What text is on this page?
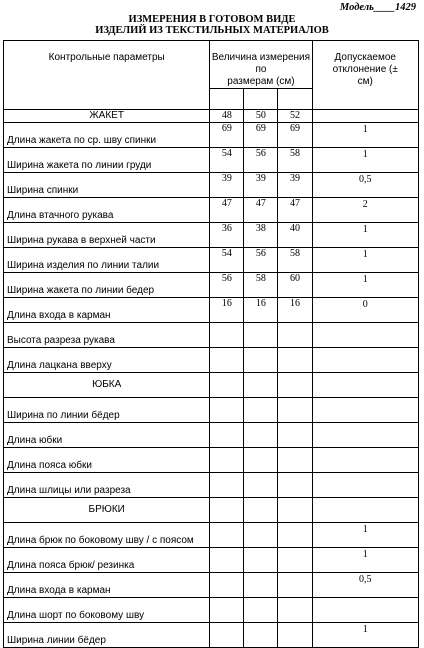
Модель____1429
ИЗМЕРЕНИЯ В ГОТОВОМ ВИДЕ
ИЗДЕЛИЙ ИЗ ТЕКСТИЛЬНЫХ МАТЕРИАЛОВ
Контрольные параметры	Величина измерения по
размерам (см)			Допускаемое
отклонение (±
см)

ЖАКЕТ	48	50	52	
Длина жакета по ср. шву спинки	69	69	69	1
Ширина жакета по линии груди	54	56	58	1
Ширина спинки	39	39	39	0,5
Длина втачного рукава	47	47	47	2
Ширина рукава в верхней части	36	38	40	1
Ширина изделия по линии талии	54	56	58	1
Ширина жакета по линии бедер	56	58	60	1
Длина входа в карман	16	16	16	0
Высота разреза рукава				
Длина лацкана вверху				
ЮБКА				
Ширина по линии бёдер				
Длина юбки				
Длина пояса юбки				
Длина шлицы или разреза				
БРЮКИ				
Длина брюк по боковому шву / с поясом				1
Длина пояса брюк/ резинка				1
Длина входа в карман				0,5
Длина шорт по боковому шву				
Ширина линии бёдер				1
